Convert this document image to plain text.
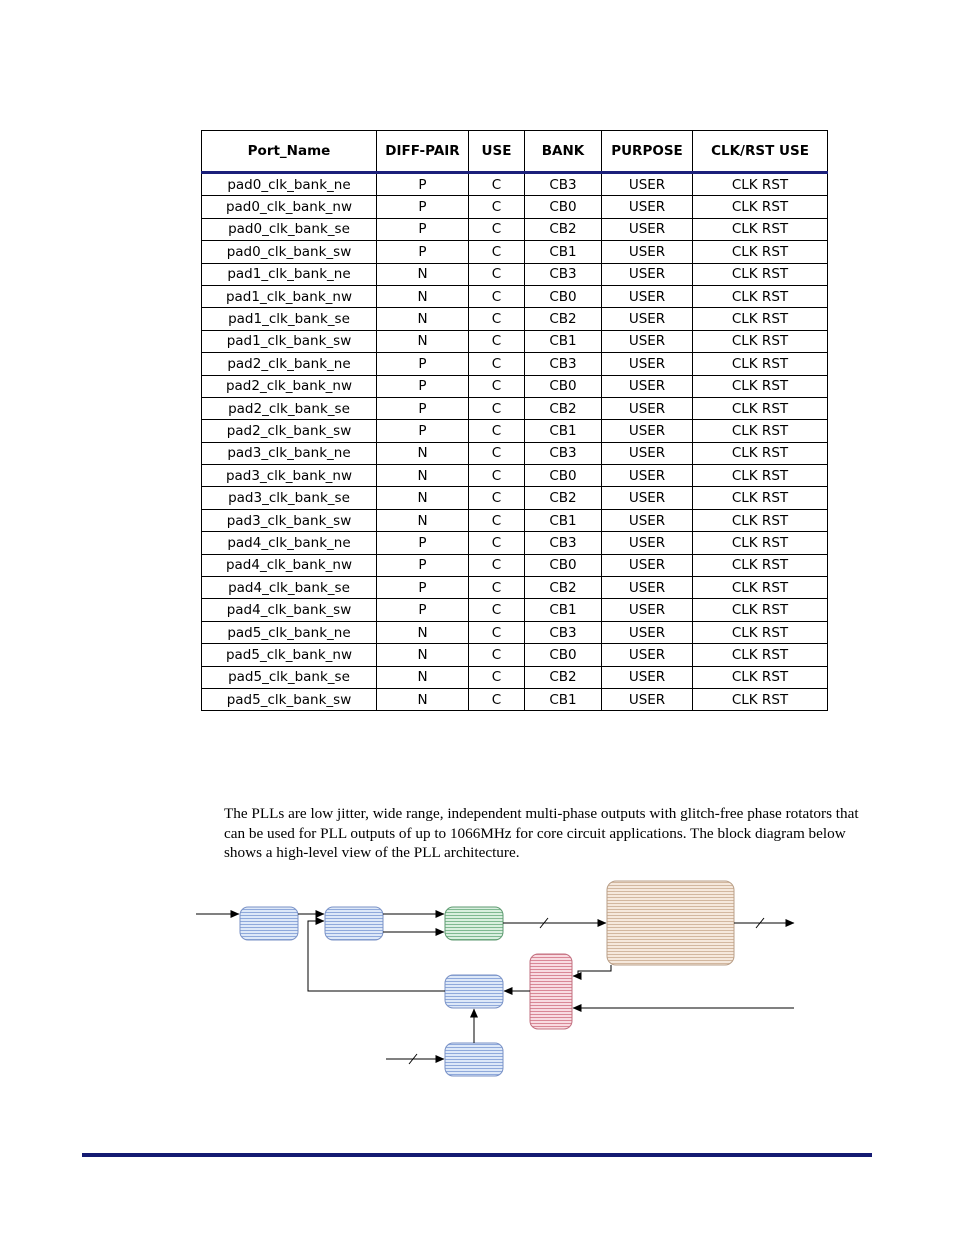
Port_Name	DIFF-PAIR	USE	BANK	PURPOSE	CLK/RST USE
pad0_clk_bank_ne	P	C	CB3	USER	CLK RST
pad0_clk_bank_nw	P	C	CB0	USER	CLK RST
pad0_clk_bank_se	P	C	CB2	USER	CLK RST
pad0_clk_bank_sw	P	C	CB1	USER	CLK RST
pad1_clk_bank_ne	N	C	CB3	USER	CLK RST
pad1_clk_bank_nw	N	C	CB0	USER	CLK RST
pad1_clk_bank_se	N	C	CB2	USER	CLK RST
pad1_clk_bank_sw	N	C	CB1	USER	CLK RST
pad2_clk_bank_ne	P	C	CB3	USER	CLK RST
pad2_clk_bank_nw	P	C	CB0	USER	CLK RST
pad2_clk_bank_se	P	C	CB2	USER	CLK RST
pad2_clk_bank_sw	P	C	CB1	USER	CLK RST
pad3_clk_bank_ne	N	C	CB3	USER	CLK RST
pad3_clk_bank_nw	N	C	CB0	USER	CLK RST
pad3_clk_bank_se	N	C	CB2	USER	CLK RST
pad3_clk_bank_sw	N	C	CB1	USER	CLK RST
pad4_clk_bank_ne	P	C	CB3	USER	CLK RST
pad4_clk_bank_nw	P	C	CB0	USER	CLK RST
pad4_clk_bank_se	P	C	CB2	USER	CLK RST
pad4_clk_bank_sw	P	C	CB1	USER	CLK RST
pad5_clk_bank_ne	N	C	CB3	USER	CLK RST
pad5_clk_bank_nw	N	C	CB0	USER	CLK RST
pad5_clk_bank_se	N	C	CB2	USER	CLK RST
pad5_clk_bank_sw	N	C	CB1	USER	CLK RST

The PLLs are low jitter, wide range, independent multi-phase outputs with glitch-free phase rotators that can be used for PLL outputs of up to 1066MHz for core circuit applications. The block diagram below shows a high-level view of the PLL architecture.
